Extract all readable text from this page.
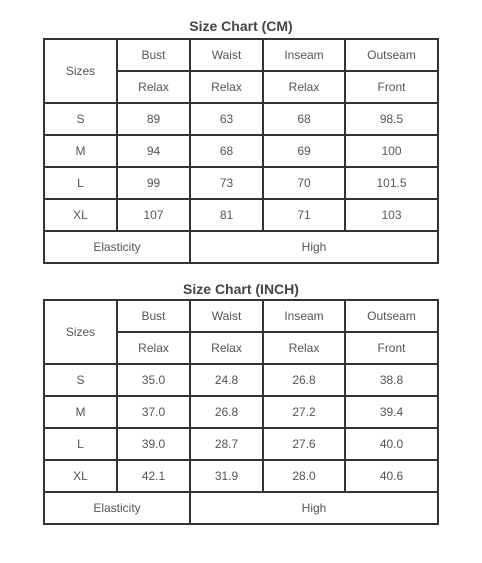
Size Chart (CM)
Sizes	Bust	Waist	Inseam	Outseam
	Relax	Relax	Relax	Front
S	89	63	68	98.5
M	94	68	69	100
L	99	73	70	101.5
XL	107	81	71	103
Elasticity		High		
Size Chart (INCH)
Sizes	Bust	Waist	Inseam	Outseam
	Relax	Relax	Relax	Front
S	35.0	24.8	26.8	38.8
M	37.0	26.8	27.2	39.4
L	39.0	28.7	27.6	40.0
XL	42.1	31.9	28.0	40.6
Elasticity		High		
